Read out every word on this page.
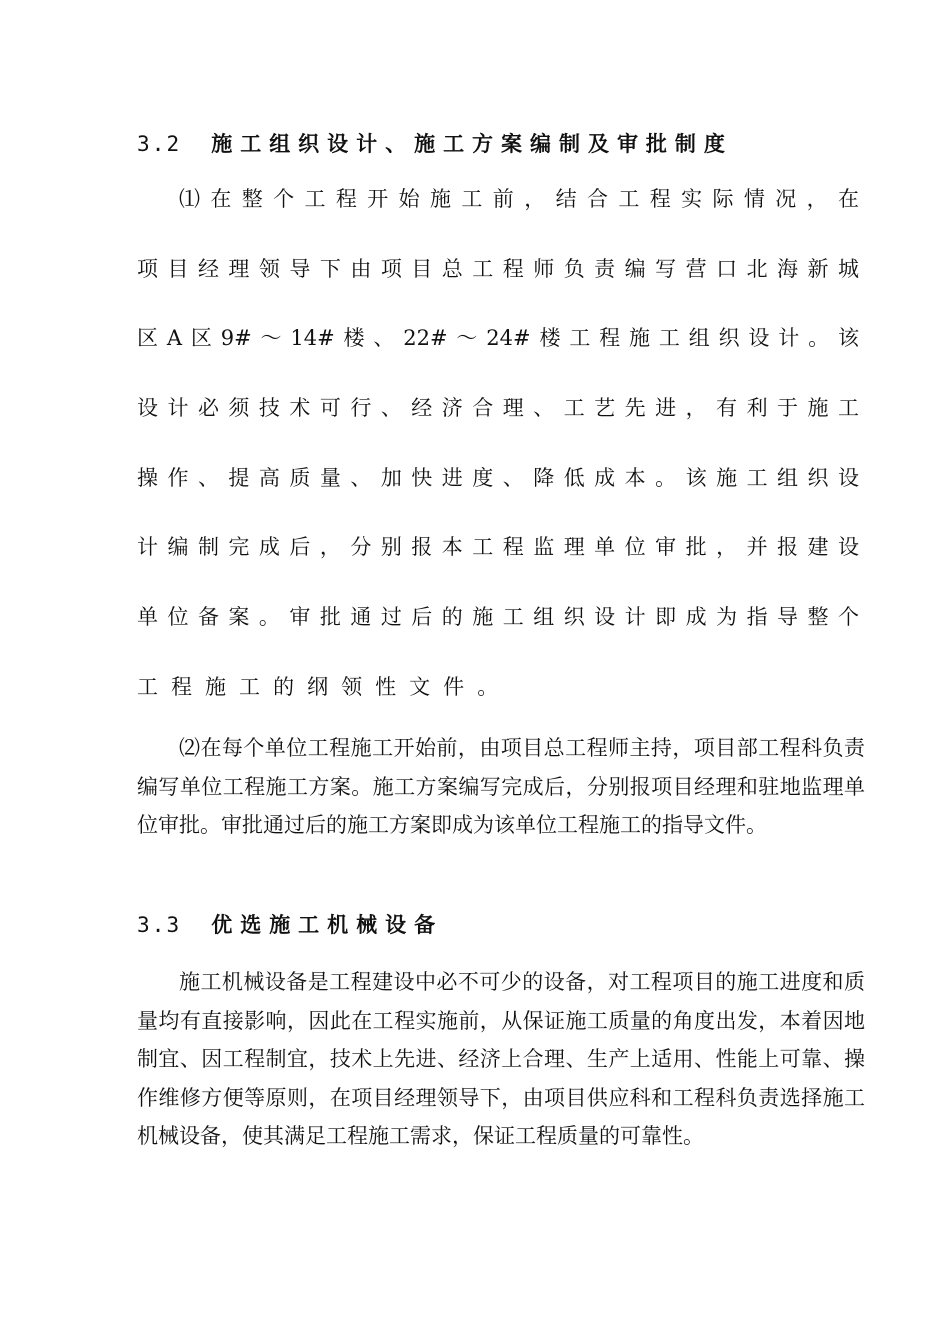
3.2 施工组织设计、施工方案编制及审批制度
⑴在整个工程开始施工前，结合工程实际情况，在
项目经理领导下由项目总工程师负责编写营口北海新城
区A区9#～14#楼、22#～24#楼工程施工组织设计。该
设计必须技术可行、经济合理、工艺先进，有利于施工
操作、提高质量、加快进度、降低成本。该施工组织设
计编制完成后，分别报本工程监理单位审批，并报建设
单位备案。审批通过后的施工组织设计即成为指导整个
工程施工的纲领性文件。

⑵在每个单位工程施工开始前，由项目总工程师主持，项目部工程科负责编写单位工程施工方案。施工方案编写完成后，分别报项目经理和驻地监理单位审批。审批通过后的施工方案即成为该单位工程施工的指导文件。

3.3 优选施工机械设备

施工机械设备是工程建设中必不可少的设备，对工程项目的施工进度和质量均有直接影响，因此在工程实施前，从保证施工质量的角度出发，本着因地制宜、因工程制宜，技术上先进、经济上合理、生产上适用、性能上可靠、操作维修方便等原则，在项目经理领导下，由项目供应科和工程科负责选择施工机械设备，使其满足工程施工需求，保证工程质量的可靠性。
